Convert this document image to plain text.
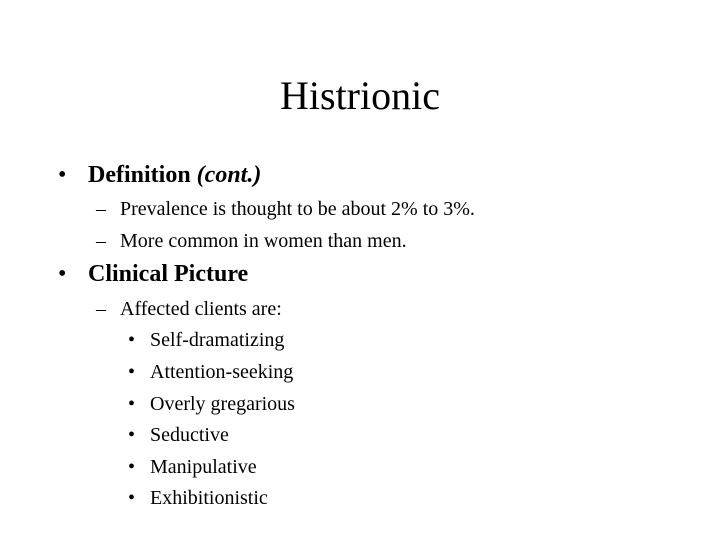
Histrionic
• Definition (cont.)
– Prevalence is thought to be about 2% to 3%.
– More common in women than men.
• Clinical Picture
– Affected clients are:
• Self-dramatizing
• Attention-seeking
• Overly gregarious
• Seductive
• Manipulative
• Exhibitionistic
